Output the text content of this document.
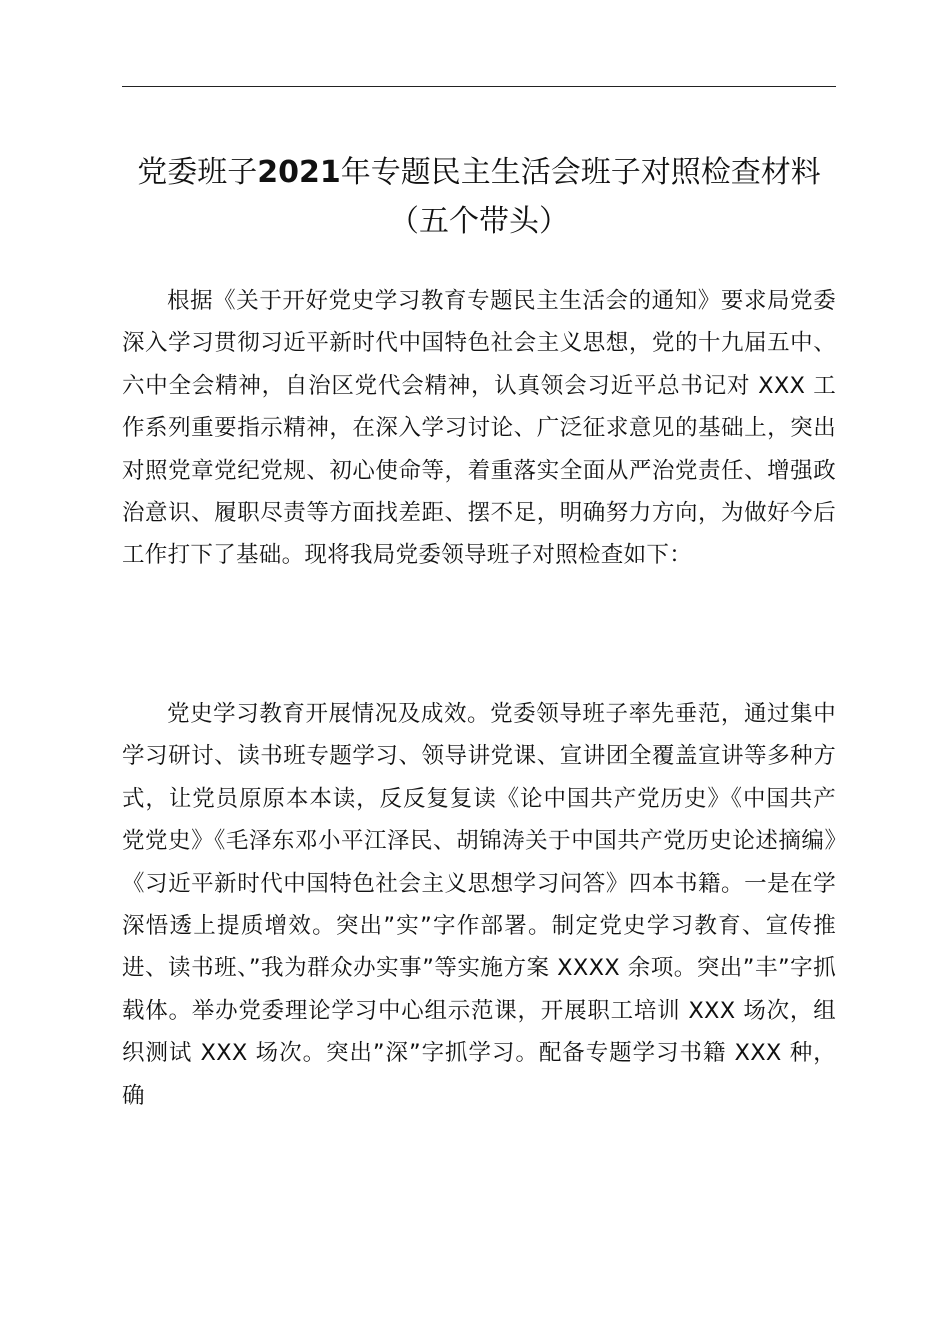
党委班子2021年专题民主生活会班子对照检查材料（五个带头）

根据《关于开好党史学习教育专题民主生活会的通知》要求局党委深入学习贯彻习近平新时代中国特色社会主义思想，党的十九届五中、六中全会精神，自治区党代会精神，认真领会习近平总书记对 XXX 工作系列重要指示精神，在深入学习讨论、广泛征求意见的基础上，突出对照党章党纪党规、初心使命等，着重落实全面从严治党责任、增强政治意识、履职尽责等方面找差距、摆不足，明确努力方向，为做好今后工作打下了基础。现将我局党委领导班子对照检查如下：

党史学习教育开展情况及成效。党委领导班子率先垂范，通过集中学习研讨、读书班专题学习、领导讲党课、宣讲团全覆盖宣讲等多种方式，让党员原原本本读，反反复复读《论中国共产党历史》《中国共产党党史》《毛泽东邓小平江泽民、胡锦涛关于中国共产党历史论述摘编》《习近平新时代中国特色社会主义思想学习问答》四本书籍。一是在学深悟透上提质增效。突出”实”字作部署。制定党史学习教育、宣传推进、读书班、”我为群众办实事”等实施方案 XXXX 余项。突出”丰”字抓载体。举办党委理论学习中心组示范课，开展职工培训 XXX 场次，组织测试 XXX 场次。突出”深”字抓学习。配备专题学习书籍 XXX 种，确
